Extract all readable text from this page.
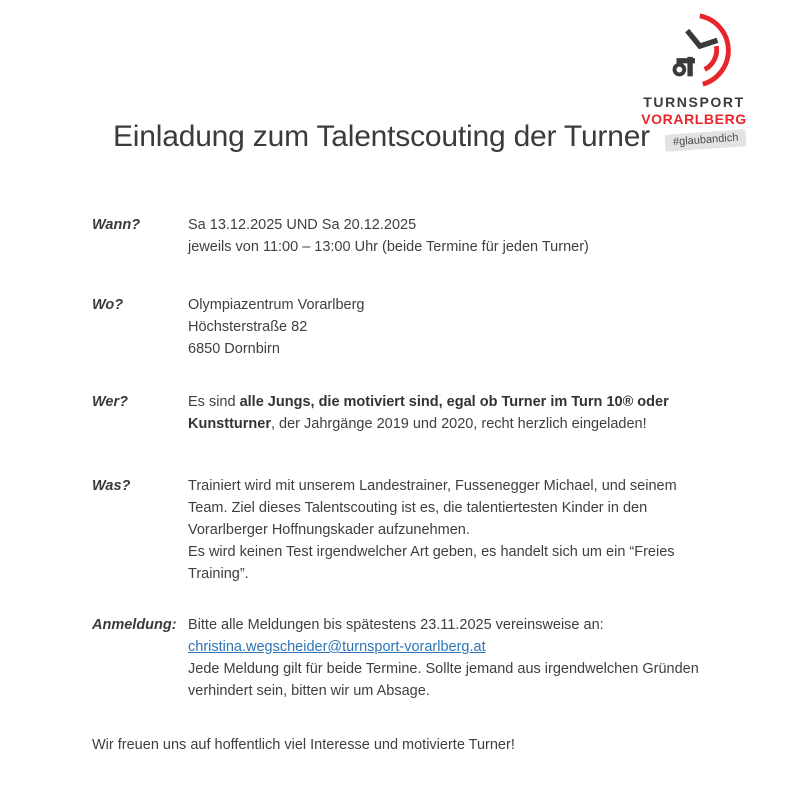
TURNSPORT
VORARLBERG
#glaubandich
Einladung zum Talentscouting der Turner
Wann?	Sa 13.12.2025 UND Sa 20.12.2025
jeweils von 11:00 – 13:00 Uhr (beide Termine für jeden Turner)
Wo?	Olympiazentrum Vorarlberg
Höchsterstraße 82
6850 Dornbirn
Wer?	Es sind alle Jungs, die motiviert sind, egal ob Turner im Turn 10® oder
Kunstturner, der Jahrgänge 2019 und 2020, recht herzlich eingeladen!
Was?	Trainiert wird mit unserem Landestrainer, Fussenegger Michael, und seinem
Team. Ziel dieses Talentscouting ist es, die talentiertesten Kinder in den
Vorarlberger Hoffnungskader aufzunehmen.
Es wird keinen Test irgendwelcher Art geben, es handelt sich um ein “Freies
Training”.
Anmeldung: Bitte alle Meldungen bis spätestens 23.11.2025 vereinsweise an:
christina.wegscheider@turnsport-vorarlberg.at
Jede Meldung gilt für beide Termine. Sollte jemand aus irgendwelchen Gründen
verhindert sein, bitten wir um Absage.
Wir freuen uns auf hoffentlich viel Interesse und motivierte Turner!
